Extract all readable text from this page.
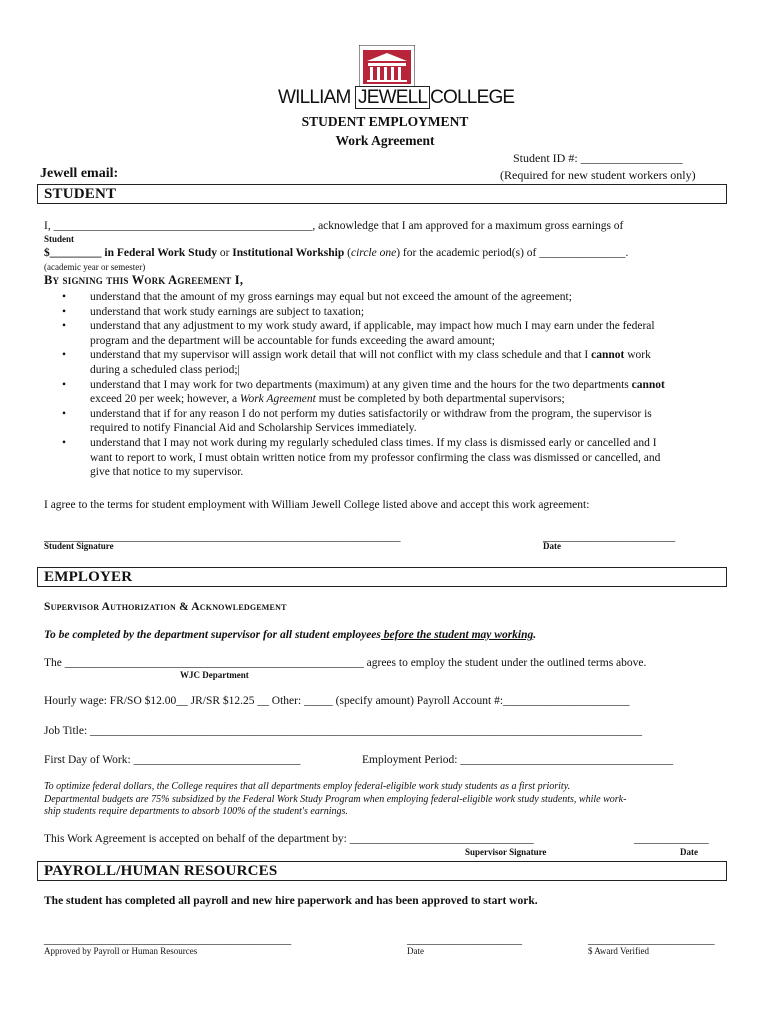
WILLIAM JEWELL COLLEGE
STUDENT EMPLOYMENT
Work Agreement
Student ID #: _________________
(Required for new student workers only)
Jewell email:
STUDENT
I, _____________________________________________, acknowledge that I am approved for a maximum gross earnings of
Student
$_________ in Federal Work Study or Institutional Workship (circle one) for the academic period(s) of _______________.
(academic year or semester)
By signing this Work Agreement I,
• understand that the amount of my gross earnings may equal but not exceed the amount of the agreement;
• understand that work study earnings are subject to taxation;
• understand that any adjustment to my work study award, if applicable, may impact how much I may earn under the federal
program and the department will be accountable for funds exceeding the award amount;
• understand that my supervisor will assign work detail that will not conflict with my class schedule and that I cannot work
during a scheduled class period;|
• understand that I may work for two departments (maximum) at any given time and the hours for the two departments cannot
exceed 20 per week; however, a Work Agreement must be completed by both departmental supervisors;
• understand that if for any reason I do not perform my duties satisfactorily or withdraw from the program, the supervisor is
required to notify Financial Aid and Scholarship Services immediately.
• understand that I may not work during my regularly scheduled class times. If my class is dismissed early or cancelled and I
want to report to work, I must obtain written notice from my professor confirming the class was dismissed or cancelled, and
give that notice to my supervisor.
I agree to the terms for student employment with William Jewell College listed above and accept this work agreement:
______________________________________________________________
Student Signature
_______________________
Date
EMPLOYER
Supervisor Authorization & Acknowledgement
To be completed by the department supervisor for all student employees before the student may working.
The ____________________________________________________ agrees to employ the student under the outlined terms above.
WJC Department
Hourly wage: FR/SO $12.00__ JR/SR $12.25 __ Other: _____ (specify amount) Payroll Account #:______________________
Job Title: ________________________________________________________________________________________________
First Day of Work: _____________________________	Employment Period: _____________________________________
To optimize federal dollars, the College requires that all departments employ federal-eligible work study students as a first priority.
Departmental budgets are 75% subsidized by the Federal Work Study Program when employing federal-eligible work study students, while work-
ship students require departments to absorb 100% of the student's earnings.
This Work Agreement is accepted on behalf of the department by: ________________________________	_____________
Supervisor Signature	Date
PAYROLL/HUMAN RESOURCES
The student has completed all payroll and new hire paperwork and has been approved to start work.
___________________________________________	____________________	______________________
Approved by Payroll or Human Resources	Date	$ Award Verified
